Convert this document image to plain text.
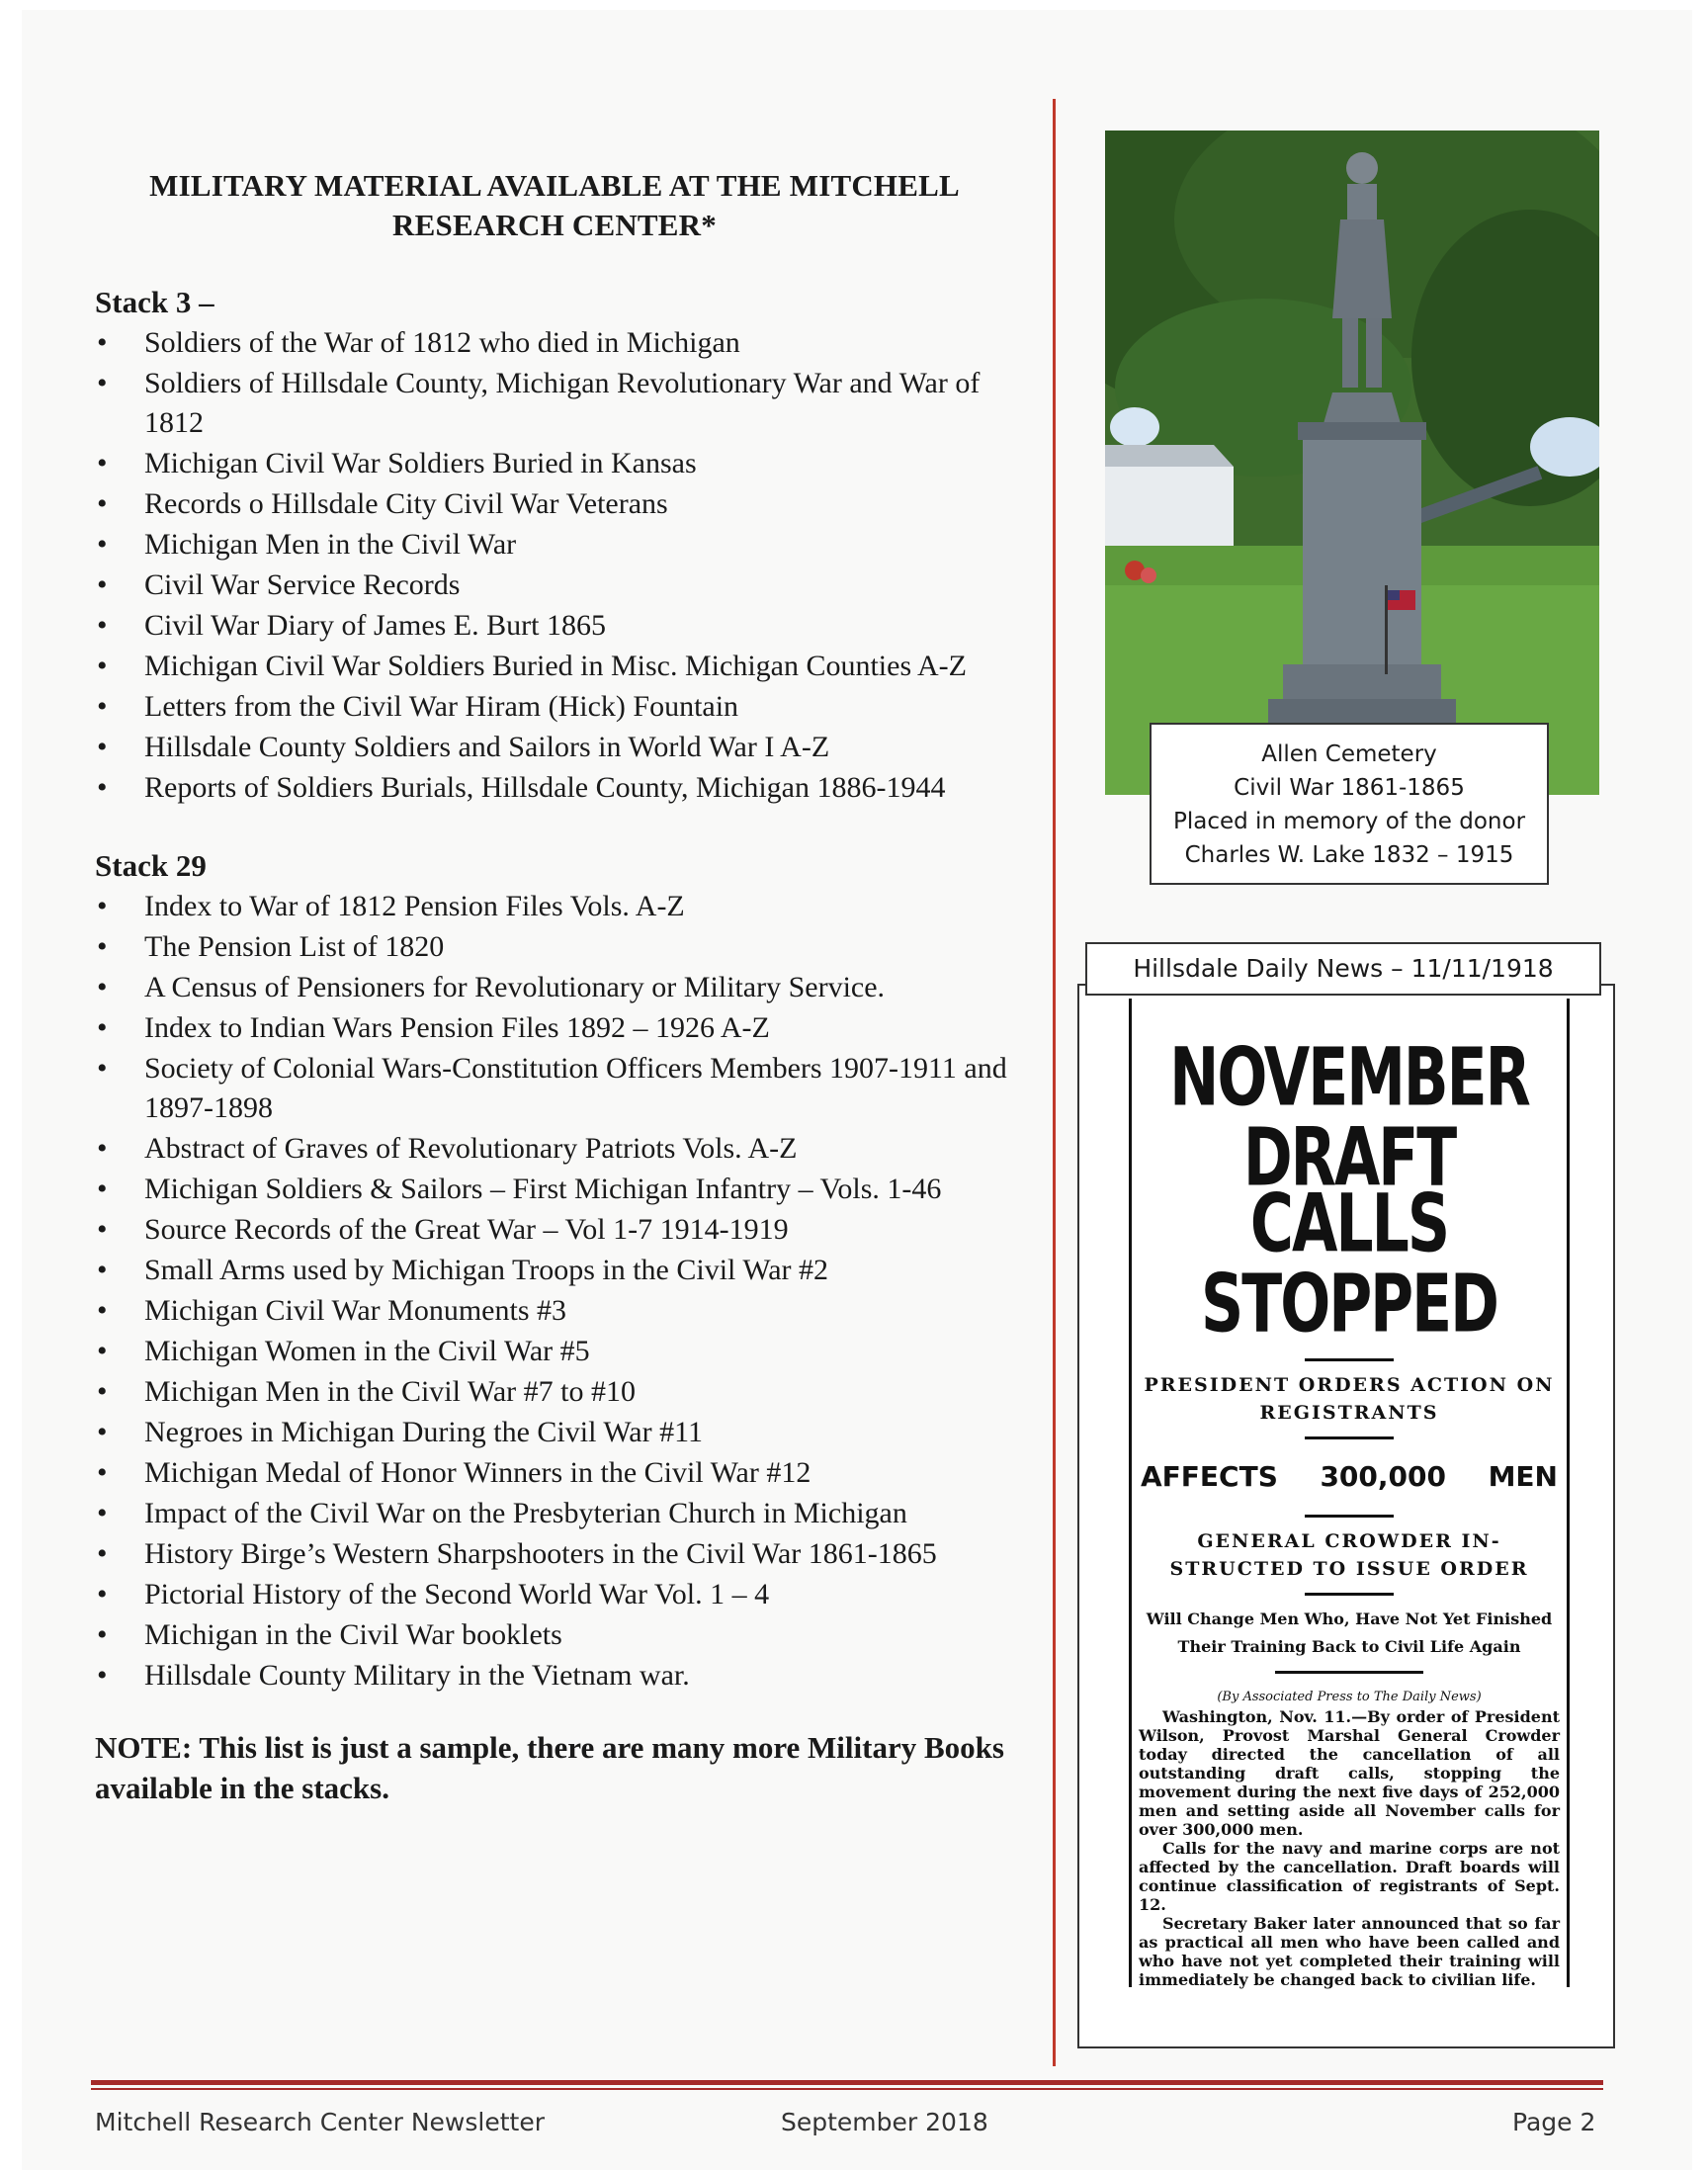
MILITARY MATERIAL AVAILABLE AT THE MITCHELL RESEARCH CENTER*
Stack 3 –
• Soldiers of the War of 1812 who died in Michigan
• Soldiers of Hillsdale County, Michigan Revolutionary War and War of 1812
• Michigan Civil War Soldiers Buried in Kansas
• Records o Hillsdale City Civil War Veterans
• Michigan Men in the Civil War
• Civil War Service Records
• Civil War Diary of James E. Burt 1865
• Michigan Civil War Soldiers Buried in Misc. Michigan Counties A-Z
• Letters from the Civil War Hiram (Hick) Fountain
• Hillsdale County Soldiers and Sailors in World War I A-Z
• Reports of Soldiers Burials, Hillsdale County, Michigan 1886-1944
Stack 29
• Index to War of 1812 Pension Files Vols. A-Z
• The Pension List of 1820
• A Census of Pensioners for Revolutionary or Military Service.
• Index to Indian Wars Pension Files 1892 – 1926 A-Z
• Society of Colonial Wars-Constitution Officers Members 1907-1911 and 1897-1898
• Abstract of Graves of Revolutionary Patriots Vols. A-Z
• Michigan Soldiers & Sailors – First Michigan Infantry – Vols. 1-46
• Source Records of the Great War – Vol 1-7 1914-1919
• Small Arms used by Michigan Troops in the Civil War #2
• Michigan Civil War Monuments #3
• Michigan Women in the Civil War #5
• Michigan Men in the Civil War #7 to #10
• Negroes in Michigan During the Civil War #11
• Michigan Medal of Honor Winners in the Civil War #12
• Impact of the Civil War on the Presbyterian Church in Michigan
• History Birge’s Western Sharpshooters in the Civil War 1861-1865
• Pictorial History of the Second World War Vol. 1 – 4
• Michigan in the Civil War booklets
• Hillsdale County Military in the Vietnam war.
NOTE: This list is just a sample, there are many more Military Books available in the stacks.
Allen Cemetery
Civil War 1861-1865
Placed in memory of the donor
Charles W. Lake 1832 – 1915
Hillsdale Daily News – 11/11/1918
NOVEMBER DRAFT
CALLS STOPPED
PRESIDENT ORDERS ACTION ON REGISTRANTS
AFFECTS 300,000 MEN
GENERAL CROWDER IN-STRUCTED TO ISSUE ORDER
Will Change Men Who, Have Not Yet Finished Their Training Back to Civil Life Again
(By Associated Press to The Daily News)

Washington, Nov. 11.—By order of President Wilson, Provost Marshal General Crowder today directed the cancellation of all outstanding draft calls, stopping the movement during the next five days of 252,000 men and setting aside all November calls for over 300,000 men.

Calls for the navy and marine corps are not affected by the cancellation. Draft boards will continue classification of registrants of Sept. 12.

Secretary Baker later announced that so far as practical all men who have been called and who have not yet completed their training will immediately be changed back to civilian life.

Mitchell Research Center Newsletter	September 2018	Page 2
